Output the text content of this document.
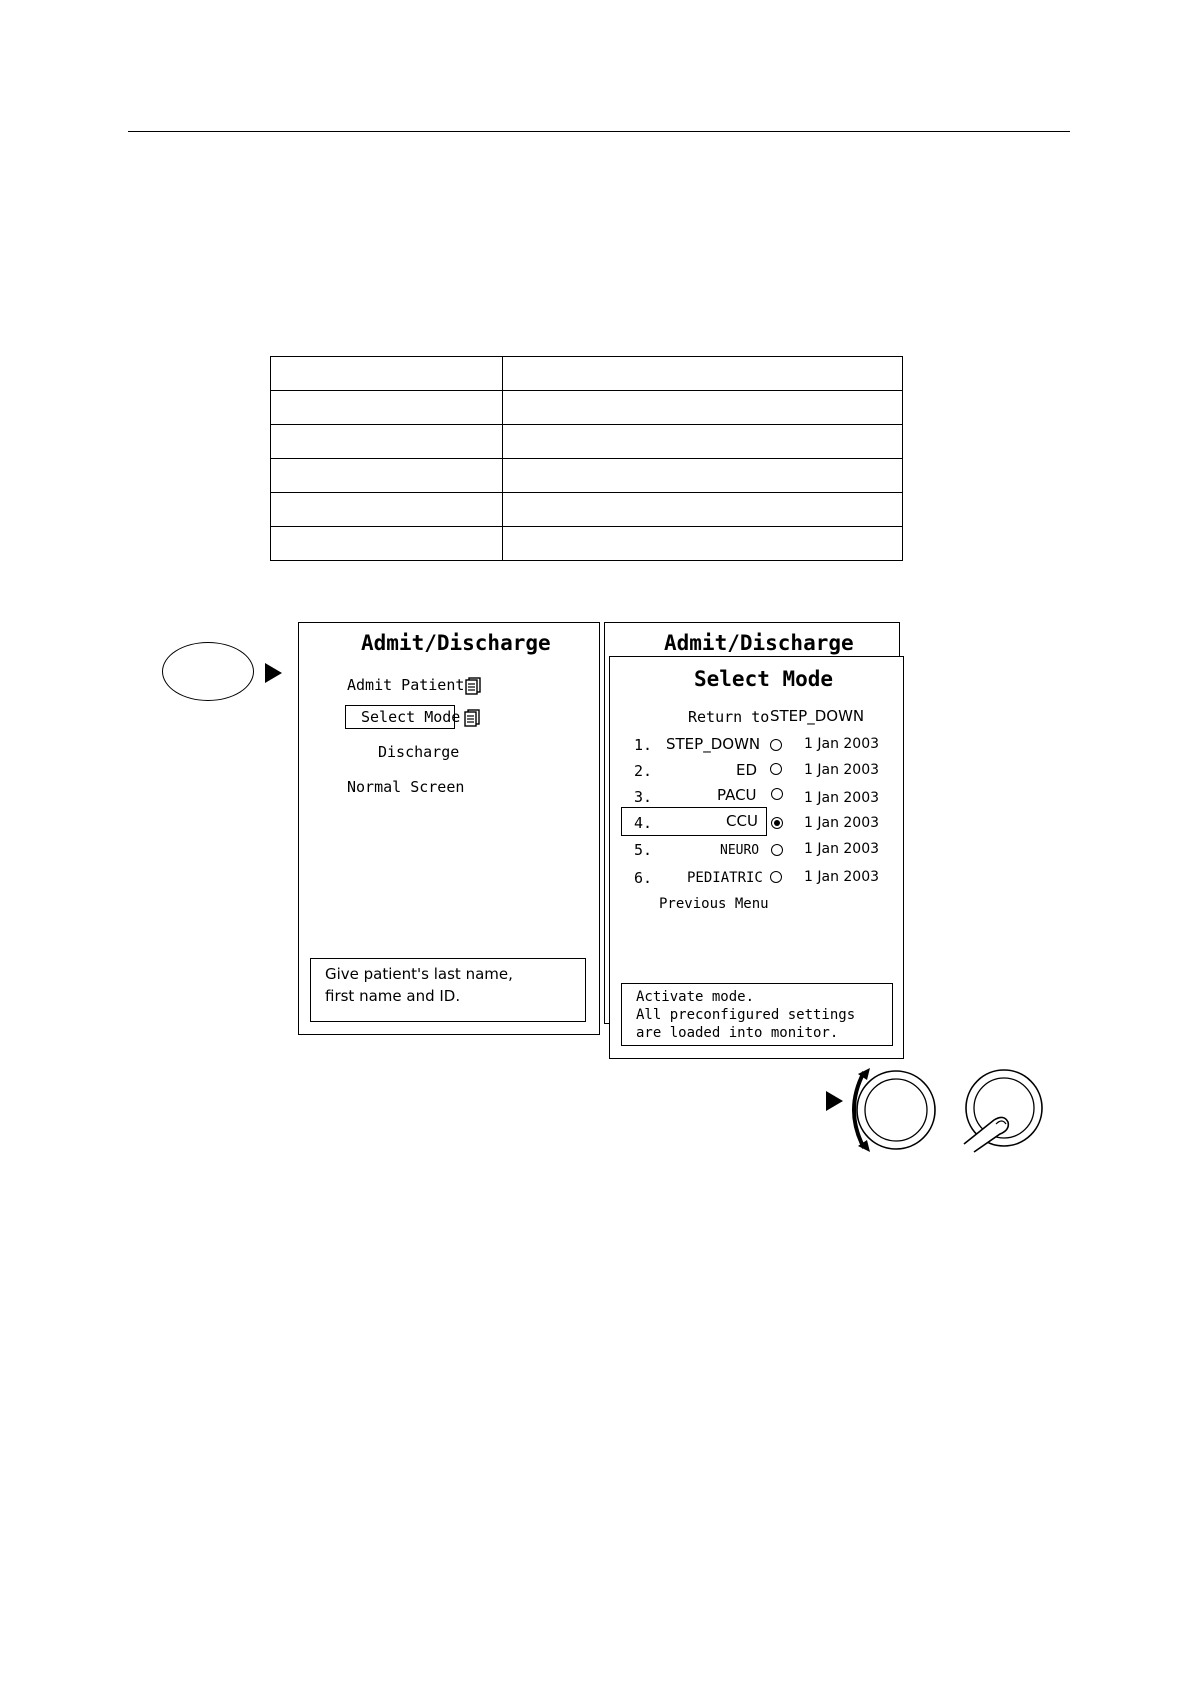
Admit/Discharge
Admit Patient
Select Mode
Discharge
Normal Screen
Give patient's last name,
first name and ID.
Admit/Discharge
Select Mode
Return to STEP_DOWN
1. STEP_DOWN	1 Jan 2003
2.	ED	1 Jan 2003
3.	PACU	1 Jan 2003
4.	CCU	1 Jan 2003
5.	NEURO	1 Jan 2003
6. PEDIATRIC	1 Jan 2003
Previous Menu
Activate mode.
All preconfigured settings
are loaded into monitor.
